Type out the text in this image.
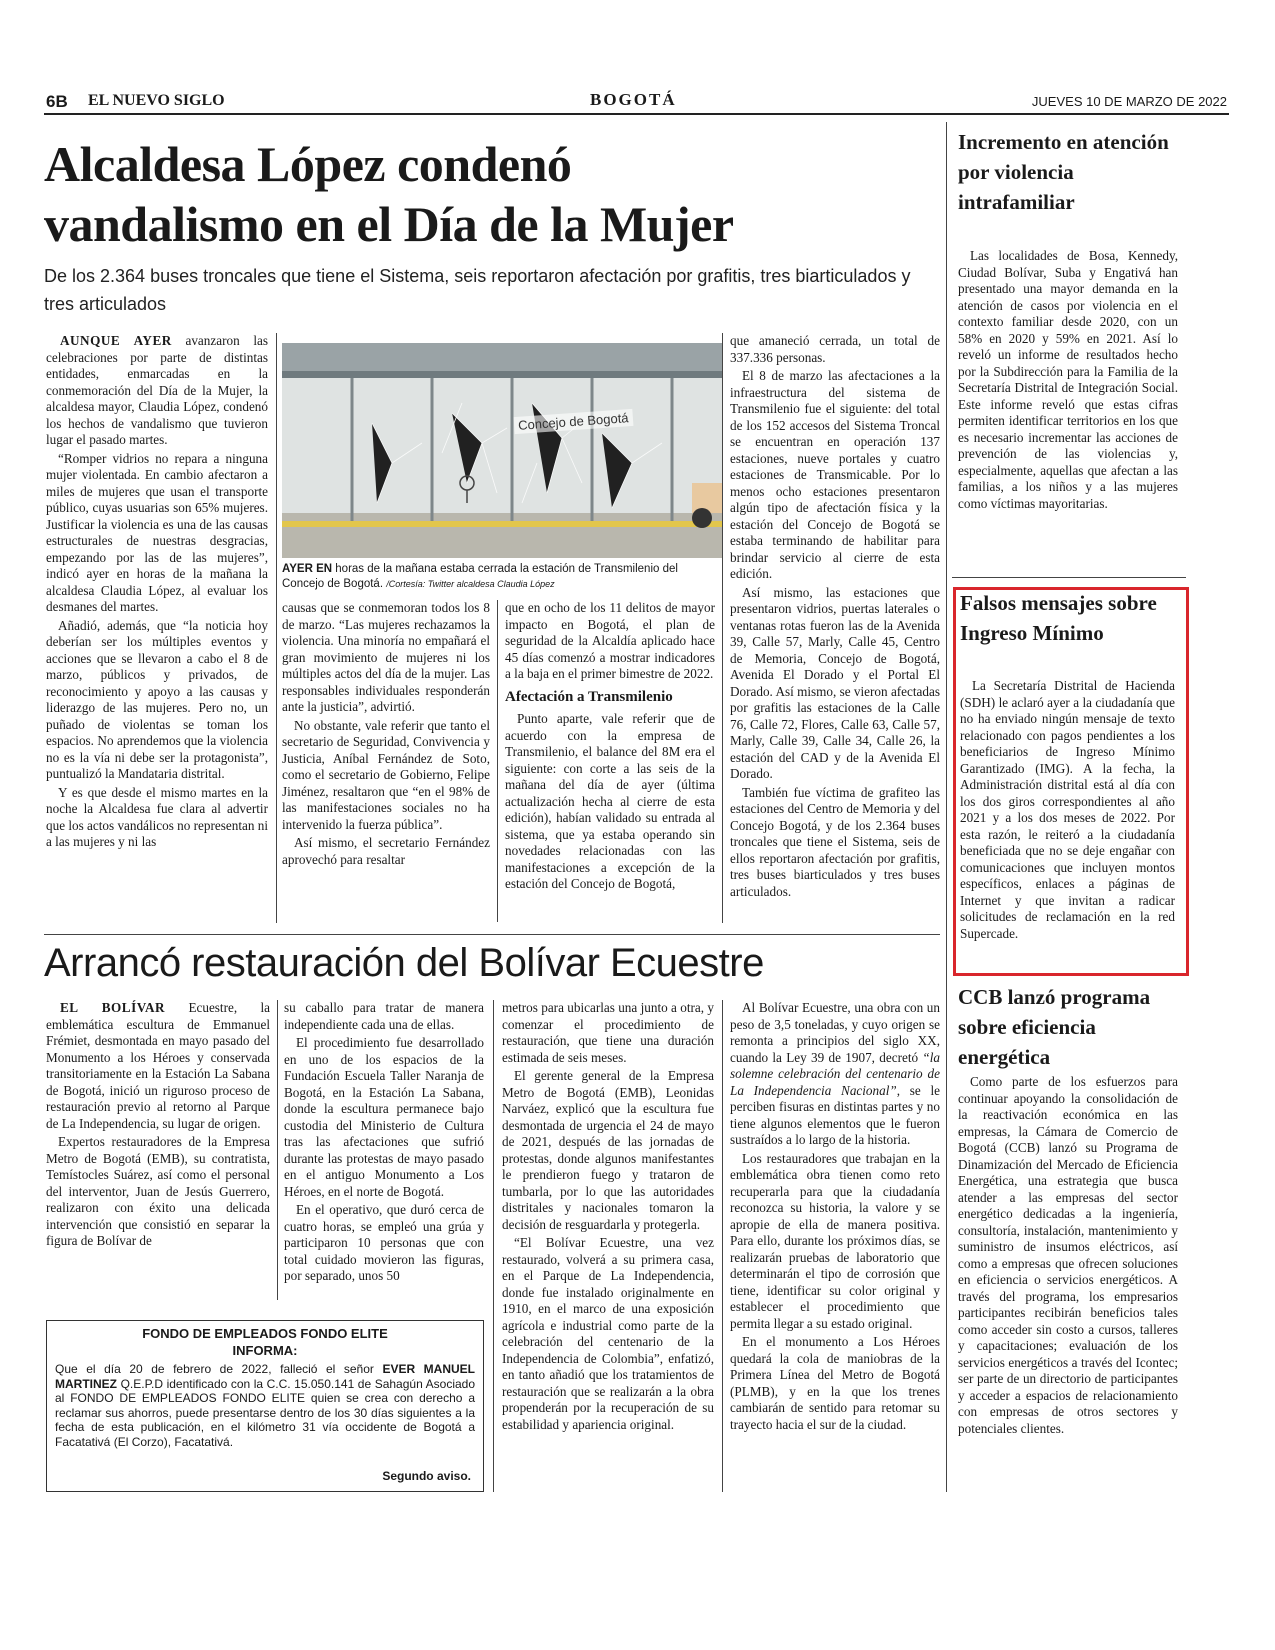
6B EL NUEVO SIGLO	BOGOTÁ	JUEVES 10 DE MARZO DE 2022
Alcaldesa López condenó
vandalismo en el Día de la Mujer
De los 2.364 buses troncales que tiene el Sistema, seis reportaron afectación por grafitis, tres biarticulados y tres articulados

AUNQUE AYER avanzaron las celebraciones por parte de distintas entidades, enmarcadas en la conmemoración del Día de la Mujer, la alcaldesa mayor, Claudia López, condenó los hechos de vandalismo que tuvieron lugar el pasado martes.

“Romper vidrios no repara a ninguna mujer violentada. En cambio afectaron a miles de mujeres que usan el transporte público, cuyas usuarias son 65% mujeres. Justificar la violencia es una de las causas estructurales de nuestras desgracias, empezando por las de las mujeres”, indicó ayer en horas de la mañana la alcaldesa Claudia López, al evaluar los desmanes del martes.

Añadió, además, que “la noticia hoy deberían ser los múltiples eventos y acciones que se llevaron a cabo el 8 de marzo, públicos y privados, de reconocimiento y apoyo a las causas y liderazgo de las mujeres. Pero no, un puñado de violentas se toman los espacios. No aprendemos que la violencia no es la vía ni debe ser la protagonista”, puntualizó la Mandataria distrital.

Y es que desde el mismo martes en la noche la Alcaldesa fue clara al advertir que los actos vandálicos no representan ni a las mujeres y ni las

Concejo de Bogotá
AYER EN horas de la mañana estaba cerrada la estación de Transmilenio del Concejo de Bogotá. /Cortesía: Twitter alcaldesa Claudia López

causas que se conmemoran todos los 8 de marzo. “Las mujeres rechazamos la violencia. Una minoría no empañará el gran movimiento de mujeres ni los múltiples actos del día de la mujer. Las responsables individuales responderán ante la justicia”, advirtió.

No obstante, vale referir que tanto el secretario de Seguridad, Convivencia y Justicia, Aníbal Fernández de Soto, como el secretario de Gobierno, Felipe Jiménez, resaltaron que “en el 98% de las manifestaciones sociales no ha intervenido la fuerza pública”.

Así mismo, el secretario Fernández aprovechó para resaltar

que en ocho de los 11 delitos de mayor impacto en Bogotá, el plan de seguridad de la Alcaldía aplicado hace 45 días comenzó a mostrar indicadores a la baja en el primer bimestre de 2022.

Afectación a Transmilenio

Punto aparte, vale referir que de acuerdo con la empresa de Transmilenio, el balance del 8M era el siguiente: con corte a las seis de la mañana del día de ayer (última actualización hecha al cierre de esta edición), habían validado su entrada al sistema, que ya estaba operando sin novedades relacionadas con las manifestaciones a excepción de la estación del Concejo de Bogotá,

que amaneció cerrada, un total de 337.336 personas.

El 8 de marzo las afectaciones a la infraestructura del sistema de Transmilenio fue el siguiente: del total de los 152 accesos del Sistema Troncal se encuentran en operación 137 estaciones, nueve portales y cuatro estaciones de Transmicable. Por lo menos ocho estaciones presentaron algún tipo de afectación física y la estación del Concejo de Bogotá se estaba terminando de habilitar para brindar servicio al cierre de esta edición.

Así mismo, las estaciones que presentaron vidrios, puertas laterales o ventanas rotas fueron las de la Avenida 39, Calle 57, Marly, Calle 45, Centro de Memoria, Concejo de Bogotá, Avenida El Dorado y el Portal El Dorado. Así mismo, se vieron afectadas por grafitis las estaciones de la Calle 76, Calle 72, Flores, Calle 63, Calle 57, Marly, Calle 39, Calle 34, Calle 26, la estación del CAD y de la Avenida El Dorado.

También fue víctima de grafiteo las estaciones del Centro de Memoria y del Concejo Bogotá, y de los 2.364 buses troncales que tiene el Sistema, seis de ellos reportaron afectación por grafitis, tres buses biarticulados y tres buses articulados.

Arrancó restauración del Bolívar Ecuestre

EL BOLÍVAR Ecuestre, la emblemática escultura de Emmanuel Frémiet, desmontada en mayo pasado del Monumento a los Héroes y conservada transitoriamente en la Estación La Sabana de Bogotá, inició un riguroso proceso de restauración previo al retorno al Parque de La Independencia, su lugar de origen.

Expertos restauradores de la Empresa Metro de Bogotá (EMB), su contratista, Temístocles Suárez, así como el personal del interventor, Juan de Jesús Guerrero, realizaron con éxito una delicada intervención que consistió en separar la figura de Bolívar de

su caballo para tratar de manera independiente cada una de ellas.

El procedimiento fue desarrollado en uno de los espacios de la Fundación Escuela Taller Naranja de Bogotá, en la Estación La Sabana, donde la escultura permanece bajo custodia del Ministerio de Cultura tras las afectaciones que sufrió durante las protestas de mayo pasado en el antiguo Monumento a Los Héroes, en el norte de Bogotá.

En el operativo, que duró cerca de cuatro horas, se empleó una grúa y participaron 10 personas que con total cuidado movieron las figuras, por separado, unos 50

metros para ubicarlas una junto a otra, y comenzar el procedimiento de restauración, que tiene una duración estimada de seis meses.

El gerente general de la Empresa Metro de Bogotá (EMB), Leonidas Narváez, explicó que la escultura fue desmontada de urgencia el 24 de mayo de 2021, después de las jornadas de protestas, donde algunos manifestantes le prendieron fuego y trataron de tumbarla, por lo que las autoridades distritales y nacionales tomaron la decisión de resguardarla y protegerla.

“El Bolívar Ecuestre, una vez restaurado, volverá a su primera casa, en el Parque de La Independencia, donde fue instalado originalmente en 1910, en el marco de una exposición agrícola e industrial como parte de la celebración del centenario de la Independencia de Colombia”, enfatizó, en tanto añadió que los tratamientos de restauración que se realizarán a la obra propenderán por la recuperación de su estabilidad y apariencia original.

Al Bolívar Ecuestre, una obra con un peso de 3,5 toneladas, y cuyo origen se remonta a principios del siglo XX, cuando la Ley 39 de 1907, decretó “la solemne celebración del centenario de La Independencia Nacional”, se le perciben fisuras en distintas partes y no tiene algunos elementos que le fueron sustraídos a lo largo de la historia.

Los restauradores que trabajan en la emblemática obra tienen como reto recuperarla para que la ciudadanía reconozca su historia, la valore y se apropie de ella de manera positiva. Para ello, durante los próximos días, se realizarán pruebas de laboratorio que determinarán el tipo de corrosión que tiene, identificar su color original y establecer el procedimiento que permita llegar a su estado original.

En el monumento a Los Héroes quedará la cola de maniobras de la Primera Línea del Metro de Bogotá (PLMB), y en la que los trenes cambiarán de sentido para retomar su trayecto hacia el sur de la ciudad.

FONDO DE EMPLEADOS FONDO ELITE
INFORMA:
Que el día 20 de febrero de 2022, falleció el señor EVER MANUEL MARTINEZ Q.E.P.D identificado con la C.C. 15.050.141 de Sahagún Asociado al FONDO DE EMPLEADOS FONDO ELITE quien se crea con derecho a reclamar sus ahorros, puede presentarse dentro de los 30 días siguientes a la fecha de esta publicación, en el kilómetro 31 vía occidente de Bogotá a Facatativá (El Corzo), Facatativá.
Segundo aviso.
Incremento en atención por violencia intrafamiliar

Las localidades de Bosa, Kennedy, Ciudad Bolívar, Suba y Engativá han presentado una mayor demanda en la atención de casos por violencia en el contexto familiar desde 2020, con un 58% en 2020 y 59% en 2021. Así lo reveló un informe de resultados hecho por la Subdirección para la Familia de la Secretaría Distrital de Integración Social. Este informe reveló que estas cifras permiten identificar territorios en los que es necesario incrementar las acciones de prevención de las violencias y, especialmente, aquellas que afectan a las familias, a los niños y a las mujeres como víctimas mayoritarias.

Falsos mensajes sobre Ingreso Mínimo

La Secretaría Distrital de Hacienda (SDH) le aclaró ayer a la ciudadanía que no ha enviado ningún mensaje de texto relacionado con pagos pendientes a los beneficiarios de Ingreso Mínimo Garantizado (IMG). A la fecha, la Administración distrital está al día con los dos giros correspondientes al año 2021 y a los dos meses de 2022. Por esta razón, le reiteró a la ciudadanía beneficiada que no se deje engañar con comunicaciones que incluyen montos específicos, enlaces a páginas de Internet y que invitan a radicar solicitudes de reclamación en la red Supercade.

CCB lanzó programa sobre eficiencia energética

Como parte de los esfuerzos para continuar apoyando la consolidación de la reactivación económica en las empresas, la Cámara de Comercio de Bogotá (CCB) lanzó su Programa de Dinamización del Mercado de Eficiencia Energética, una estrategia que busca atender a las empresas del sector energético dedicadas a la ingeniería, consultoría, instalación, mantenimiento y suministro de insumos eléctricos, así como a empresas que ofrecen soluciones en eficiencia o servicios energéticos. A través del programa, los empresarios participantes recibirán beneficios tales como acceder sin costo a cursos, talleres y capacitaciones; evaluación de los servicios energéticos a través del Icontec; ser parte de un directorio de participantes y acceder a espacios de relacionamiento con empresas de otros sectores y potenciales clientes.
